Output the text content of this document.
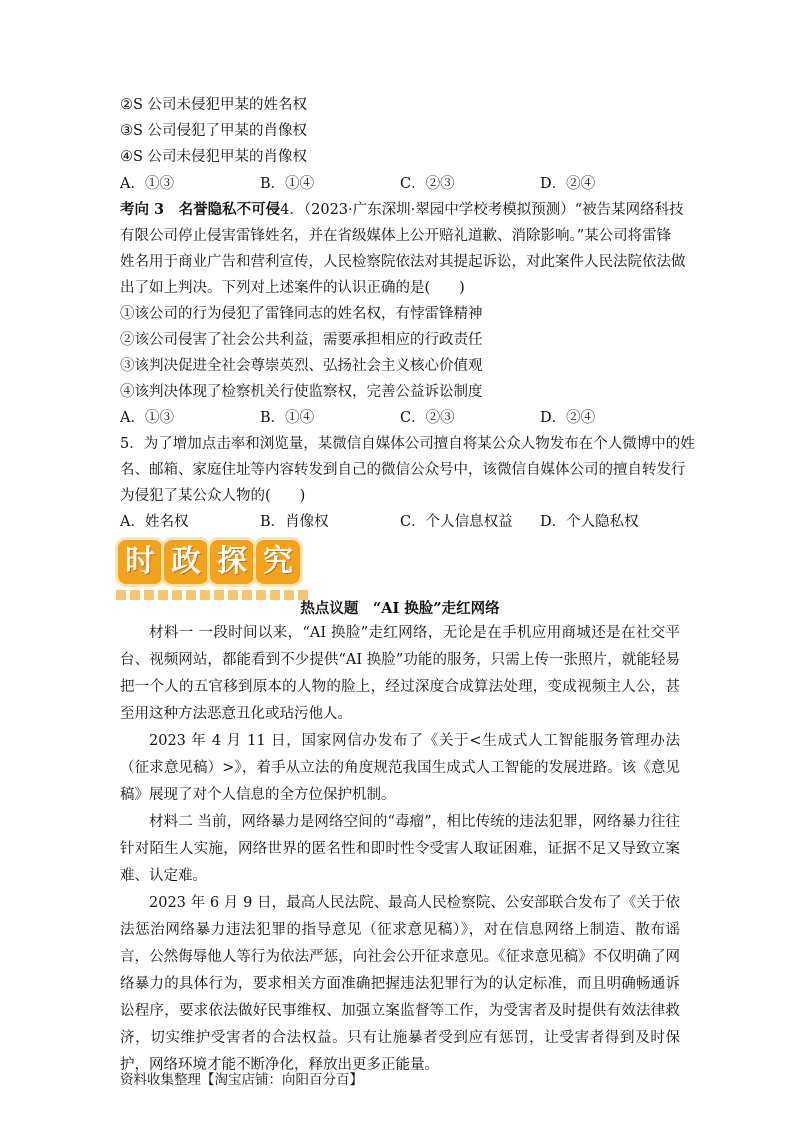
②S 公司未侵犯甲某的姓名权
③S 公司侵犯了甲某的肖像权
④S 公司未侵犯甲某的肖像权
A．①③	B．①④	C．②③	D．②④
考向 3　名誉隐私不可侵4．（2023·广东深圳·翠园中学校考模拟预测）“被告某网络科技
有限公司停止侵害雷锋姓名，并在省级媒体上公开赔礼道歉、消除影响。”某公司将雷锋
姓名用于商业广告和营利宣传，人民检察院依法对其提起诉讼，对此案件人民法院依法做
出了如上判决。下列对上述案件的认识正确的是(　　)
①该公司的行为侵犯了雷锋同志的姓名权，有悖雷锋精神
②该公司侵害了社会公共利益，需要承担相应的行政责任
③该判决促进全社会尊崇英烈、弘扬社会主义核心价值观
④该判决体现了检察机关行使监察权，完善公益诉讼制度
A．①③	B．①④	C．②③	D．②④
5．为了增加点击率和浏览量，某微信自媒体公司擅自将某公众人物发布在个人微博中的姓
名、邮箱、家庭住址等内容转发到自己的微信公众号中，该微信自媒体公司的擅自转发行
为侵犯了某公众人物的(　　)
A．姓名权	B．肖像权	C．个人信息权益 D．个人隐私权
时 政 探 究
热点议题　“AI 换脸”走红网络
材料一 一段时间以来，“AI 换脸”走红网络，无论是在手机应用商城还是在社交平台、视频网站，都能看到不少提供“AI 换脸”功能的服务，只需上传一张照片，就能轻易把一个人的五官移到原本的人物的脸上，经过深度合成算法处理，变成视频主人公，甚至用这种方法恶意丑化或玷污他人。
2023 年 4 月 11 日，国家网信办发布了《关于<生成式人工智能服务管理办法（征求意见稿）>》，着手从立法的角度规范我国生成式人工智能的发展进路。该《意见稿》展现了对个人信息的全方位保护机制。
材料二 当前，网络暴力是网络空间的“毒瘤”，相比传统的违法犯罪，网络暴力往往针对陌生人实施，网络世界的匿名性和即时性令受害人取证困难，证据不足又导致立案难、认定难。
2023 年 6 月 9 日，最高人民法院、最高人民检察院、公安部联合发布了《关于依法惩治网络暴力违法犯罪的指导意见（征求意见稿）》，对在信息网络上制造、散布谣言，公然侮辱他人等行为依法严惩，向社会公开征求意见。《征求意见稿》不仅明确了网络暴力的具体行为，要求相关方面准确把握违法犯罪行为的认定标准，而且明确畅通诉讼程序，要求依法做好民事维权、加强立案监督等工作，为受害者及时提供有效法律救济，切实维护受害者的合法权益。只有让施暴者受到应有惩罚，让受害者得到及时保护，网络环境才能不断净化，释放出更多正能量。
资料收集整理【淘宝店铺：向阳百分百】
